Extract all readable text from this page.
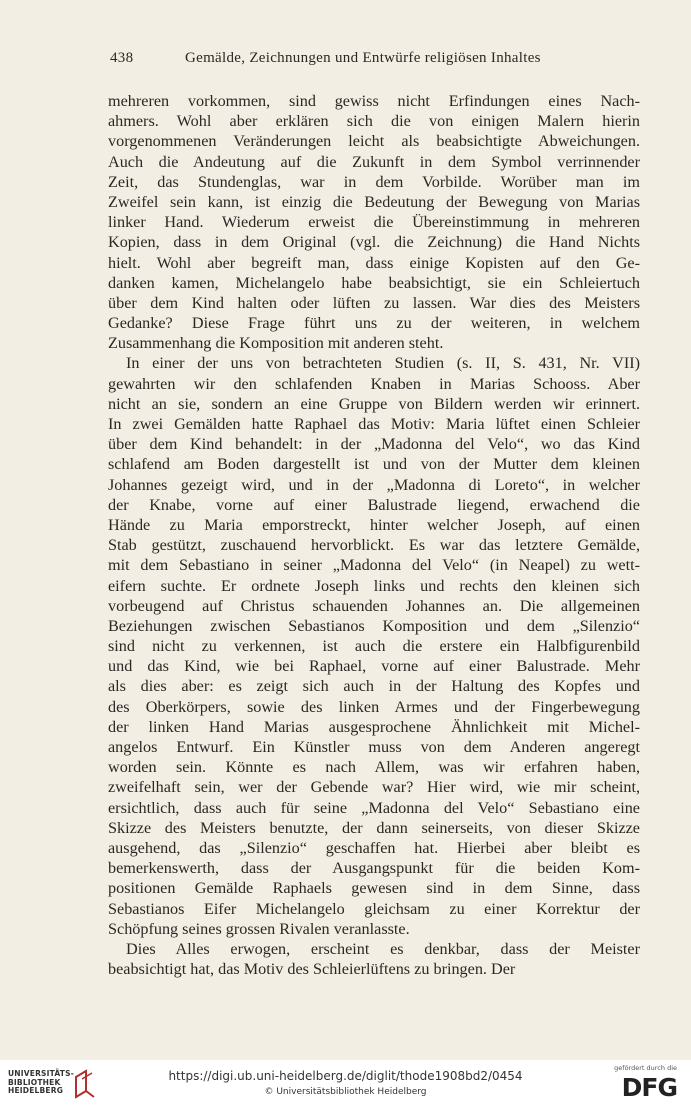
438	Gemälde, Zeichnungen und Entwürfe religiösen Inhaltes
mehreren vorkommen, sind gewiss nicht Erfindungen eines Nach-
ahmers. Wohl aber erklären sich die von einigen Malern hierin
vorgenommenen Veränderungen leicht als beabsichtigte Abweichungen.
Auch die Andeutung auf die Zukunft in dem Symbol verrinnender
Zeit, das Stundenglas, war in dem Vorbilde. Worüber man im
Zweifel sein kann, ist einzig die Bedeutung der Bewegung von Marias
linker Hand. Wiederum erweist die Übereinstimmung in mehreren
Kopien, dass in dem Original (vgl. die Zeichnung) die Hand Nichts
hielt. Wohl aber begreift man, dass einige Kopisten auf den Ge-
danken kamen, Michelangelo habe beabsichtigt, sie ein Schleiertuch
über dem Kind halten oder lüften zu lassen. War dies des Meisters
Gedanke? Diese Frage führt uns zu der weiteren, in welchem
Zusammenhang die Komposition mit anderen steht.
In einer der uns von betrachteten Studien (s. II, S. 431, Nr. VII)
gewahrten wir den schlafenden Knaben in Marias Schooss. Aber
nicht an sie, sondern an eine Gruppe von Bildern werden wir erinnert.
In zwei Gemälden hatte Raphael das Motiv: Maria lüftet einen Schleier
über dem Kind behandelt: in der „Madonna del Velo“, wo das Kind
schlafend am Boden dargestellt ist und von der Mutter dem kleinen
Johannes gezeigt wird, und in der „Madonna di Loreto“, in welcher
der Knabe, vorne auf einer Balustrade liegend, erwachend die
Hände zu Maria emporstreckt, hinter welcher Joseph, auf einen
Stab gestützt, zuschauend hervorblickt. Es war das letztere Gemälde,
mit dem Sebastiano in seiner „Madonna del Velo“ (in Neapel) zu wett-
eifern suchte. Er ordnete Joseph links und rechts den kleinen sich
vorbeugend auf Christus schauenden Johannes an. Die allgemeinen
Beziehungen zwischen Sebastianos Komposition und dem „Silenzio“
sind nicht zu verkennen, ist auch die erstere ein Halbfigurenbild
und das Kind, wie bei Raphael, vorne auf einer Balustrade. Mehr
als dies aber: es zeigt sich auch in der Haltung des Kopfes und
des Oberkörpers, sowie des linken Armes und der Fingerbewegung
der linken Hand Marias ausgesprochene Ähnlichkeit mit Michel-
angelos Entwurf. Ein Künstler muss von dem Anderen angeregt
worden sein. Könnte es nach Allem, was wir erfahren haben,
zweifelhaft sein, wer der Gebende war? Hier wird, wie mir scheint,
ersichtlich, dass auch für seine „Madonna del Velo“ Sebastiano eine
Skizze des Meisters benutzte, der dann seinerseits, von dieser Skizze
ausgehend, das „Silenzio“ geschaffen hat. Hierbei aber bleibt es
bemerkenswerth, dass der Ausgangspunkt für die beiden Kom-
positionen Gemälde Raphaels gewesen sind in dem Sinne, dass
Sebastianos Eifer Michelangelo gleichsam zu einer Korrektur der
Schöpfung seines grossen Rivalen veranlasste.
Dies Alles erwogen, erscheint es denkbar, dass der Meister
beabsichtigt hat, das Motiv des Schleierlüftens zu bringen. Der
UNIVERSITÄTS-
BIBLIOTHEK
HEIDELBERG
https://digi.ub.uni-heidelberg.de/diglit/thode1908bd2/0454
© Universitätsbibliothek Heidelberg
gefördert durch die
DFG
